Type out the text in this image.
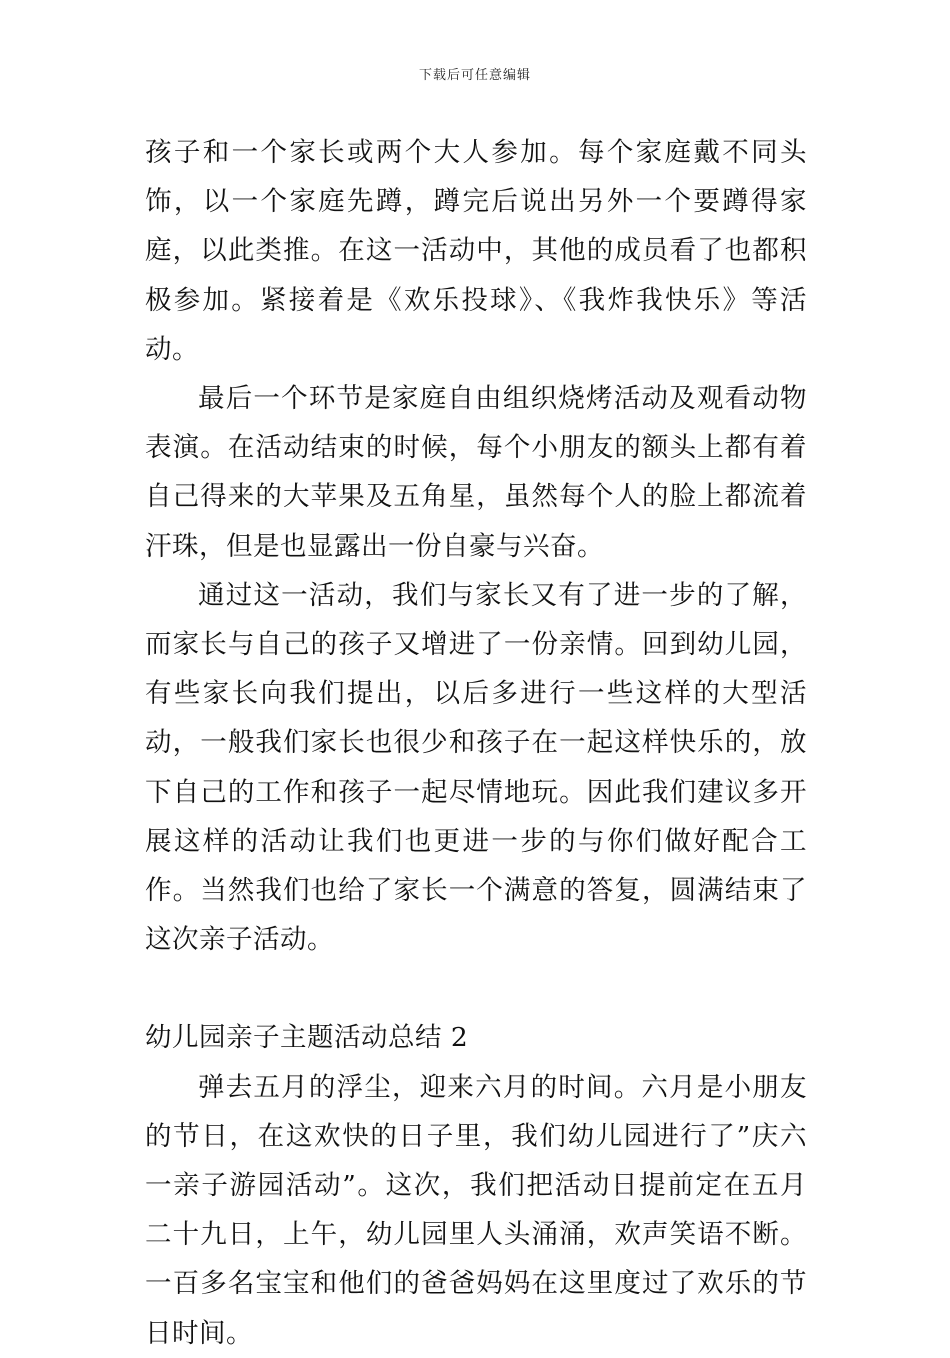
下载后可任意编辑

孩子和一个家长或两个大人参加。每个家庭戴不同头饰，以一个家庭先蹲，蹲完后说出另外一个要蹲得家庭，以此类推。在这一活动中，其他的成员看了也都积极参加。紧接着是《欢乐投球》、《我炸我快乐》等活动。

最后一个环节是家庭自由组织烧烤活动及观看动物表演。在活动结束的时候，每个小朋友的额头上都有着自己得来的大苹果及五角星，虽然每个人的脸上都流着汗珠，但是也显露出一份自豪与兴奋。

通过这一活动，我们与家长又有了进一步的了解，而家长与自己的孩子又增进了一份亲情。回到幼儿园，有些家长向我们提出，以后多进行一些这样的大型活动，一般我们家长也很少和孩子在一起这样快乐的，放下自己的工作和孩子一起尽情地玩。因此我们建议多开展这样的活动让我们也更进一步的与你们做好配合工作。当然我们也给了家长一个满意的答复，圆满结束了这次亲子活动。

幼儿园亲子主题活动总结 2

弹去五月的浮尘，迎来六月的时间。六月是小朋友的节日，在这欢快的日子里，我们幼儿园进行了”庆六一亲子游园活动”。这次，我们把活动日提前定在五月二十九日，上午，幼儿园里人头涌涌，欢声笑语不断。一百多名宝宝和他们的爸爸妈妈在这里度过了欢乐的节日时间。
